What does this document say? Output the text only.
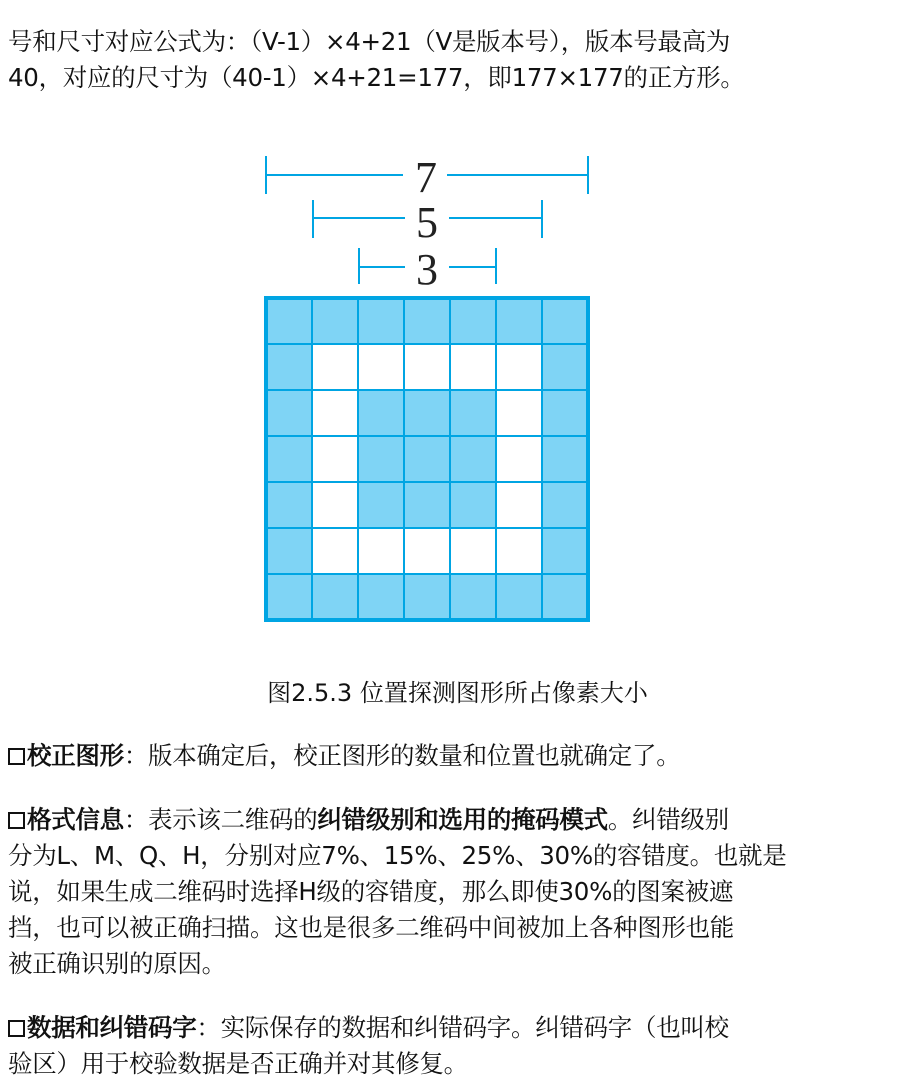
号和尺寸对应公式为：（V-1）×4+21（V是版本号），版本号最高为
40，对应的尺寸为（40-1）×4+21=177，即177×177的正方形。
7
5
3
图2.5.3 位置探测图形所占像素大小
校正图形：版本确定后，校正图形的数量和位置也就确定了。
格式信息：表示该二维码的纠错级别和选用的掩码模式。纠错级别
分为L、M、Q、H，分别对应7%、15%、25%、30%的容错度。也就是
说，如果生成二维码时选择H级的容错度，那么即使30%的图案被遮
挡，也可以被正确扫描。这也是很多二维码中间被加上各种图形也能
被正确识别的原因。
数据和纠错码字：实际保存的数据和纠错码字。纠错码字（也叫校
验区）用于校验数据是否正确并对其修复。
